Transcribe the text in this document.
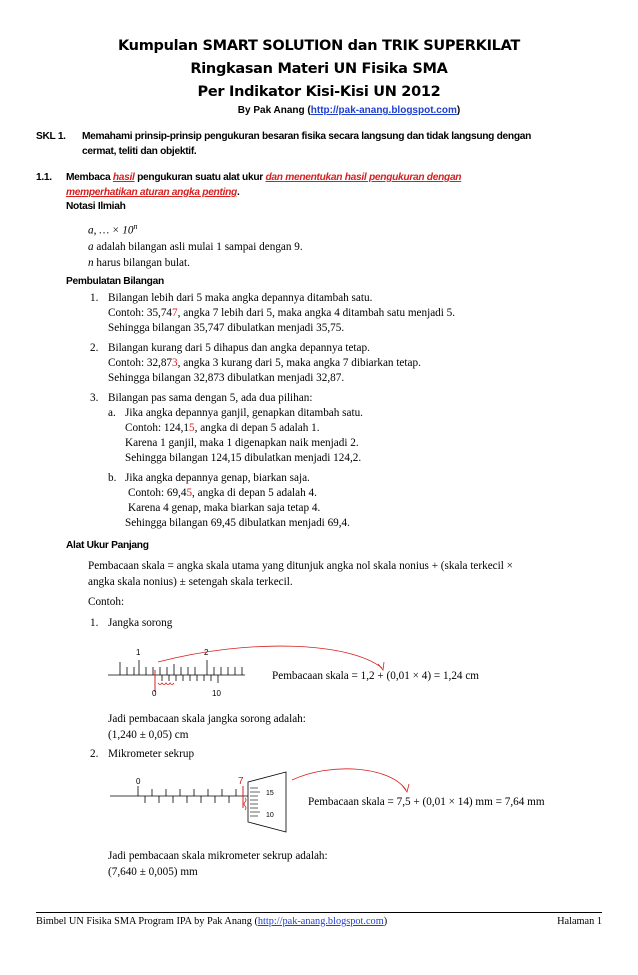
Kumpulan SMART SOLUTION dan TRIK SUPERKILAT
Ringkasan Materi UN Fisika SMA
Per Indikator Kisi-Kisi UN 2012
By Pak Anang (http://pak-anang.blogspot.com)
SKL 1. Memahami prinsip-prinsip pengukuran besaran fisika secara langsung dan tidak langsung dengan
cermat, teliti dan objektif.
1.1. Membaca hasil pengukuran suatu alat ukur dan menentukan hasil pengukuran dengan
memperhatikan aturan angka penting.
Notasi Ilmiah
a, … × $10^n$
a adalah bilangan asli mulai 1 sampai dengan 9.
n harus bilangan bulat.
Pembulatan Bilangan
1. Bilangan lebih dari 5 maka angka depannya ditambah satu.
Contoh: 35,747, angka 7 lebih dari 5, maka angka 4 ditambah satu menjadi 5.
Sehingga bilangan 35,747 dibulatkan menjadi 35,75.
2. Bilangan kurang dari 5 dihapus dan angka depannya tetap.
Contoh: 32,873, angka 3 kurang dari 5, maka angka 7 dibiarkan tetap.
Sehingga bilangan 32,873 dibulatkan menjadi 32,87.
3. Bilangan pas sama dengan 5, ada dua pilihan:
a. Jika angka depannya ganjil, genapkan ditambah satu.
Contoh: 124,15, angka di depan 5 adalah 1.
Karena 1 ganjil, maka 1 digenapkan naik menjadi 2.
Sehingga bilangan 124,15 dibulatkan menjadi 124,2.
b. Jika angka depannya genap, biarkan saja.
Contoh: 69,45, angka di depan 5 adalah 4.
Karena 4 genap, maka biarkan saja tetap 4.
Sehingga bilangan 69,45 dibulatkan menjadi 69,4.
Alat Ukur Panjang
Pembacaan skala = angka skala utama yang ditunjuk angka nol skala nonius + (skala terkecil ×
angka skala nonius) ± setengah skala terkecil.
Contoh:
1. Jangka sorong
1	2
0	10
Pembacaan skala = 1,2 + (0,01 × 4) = 1,24 cm
Jadi pembacaan skala jangka sorong adalah:
(1,240 ± 0,05) cm
2. Mikrometer sekrup
0	7
15
10
Pembacaan skala = 7,5 + (0,01 × 14) mm = 7,64 mm
Jadi pembacaan skala mikrometer sekrup adalah:
(7,640 ± 0,005) mm
Bimbel UN Fisika SMA Program IPA by Pak Anang (http://pak-anang.blogspot.com)	Halaman 1
